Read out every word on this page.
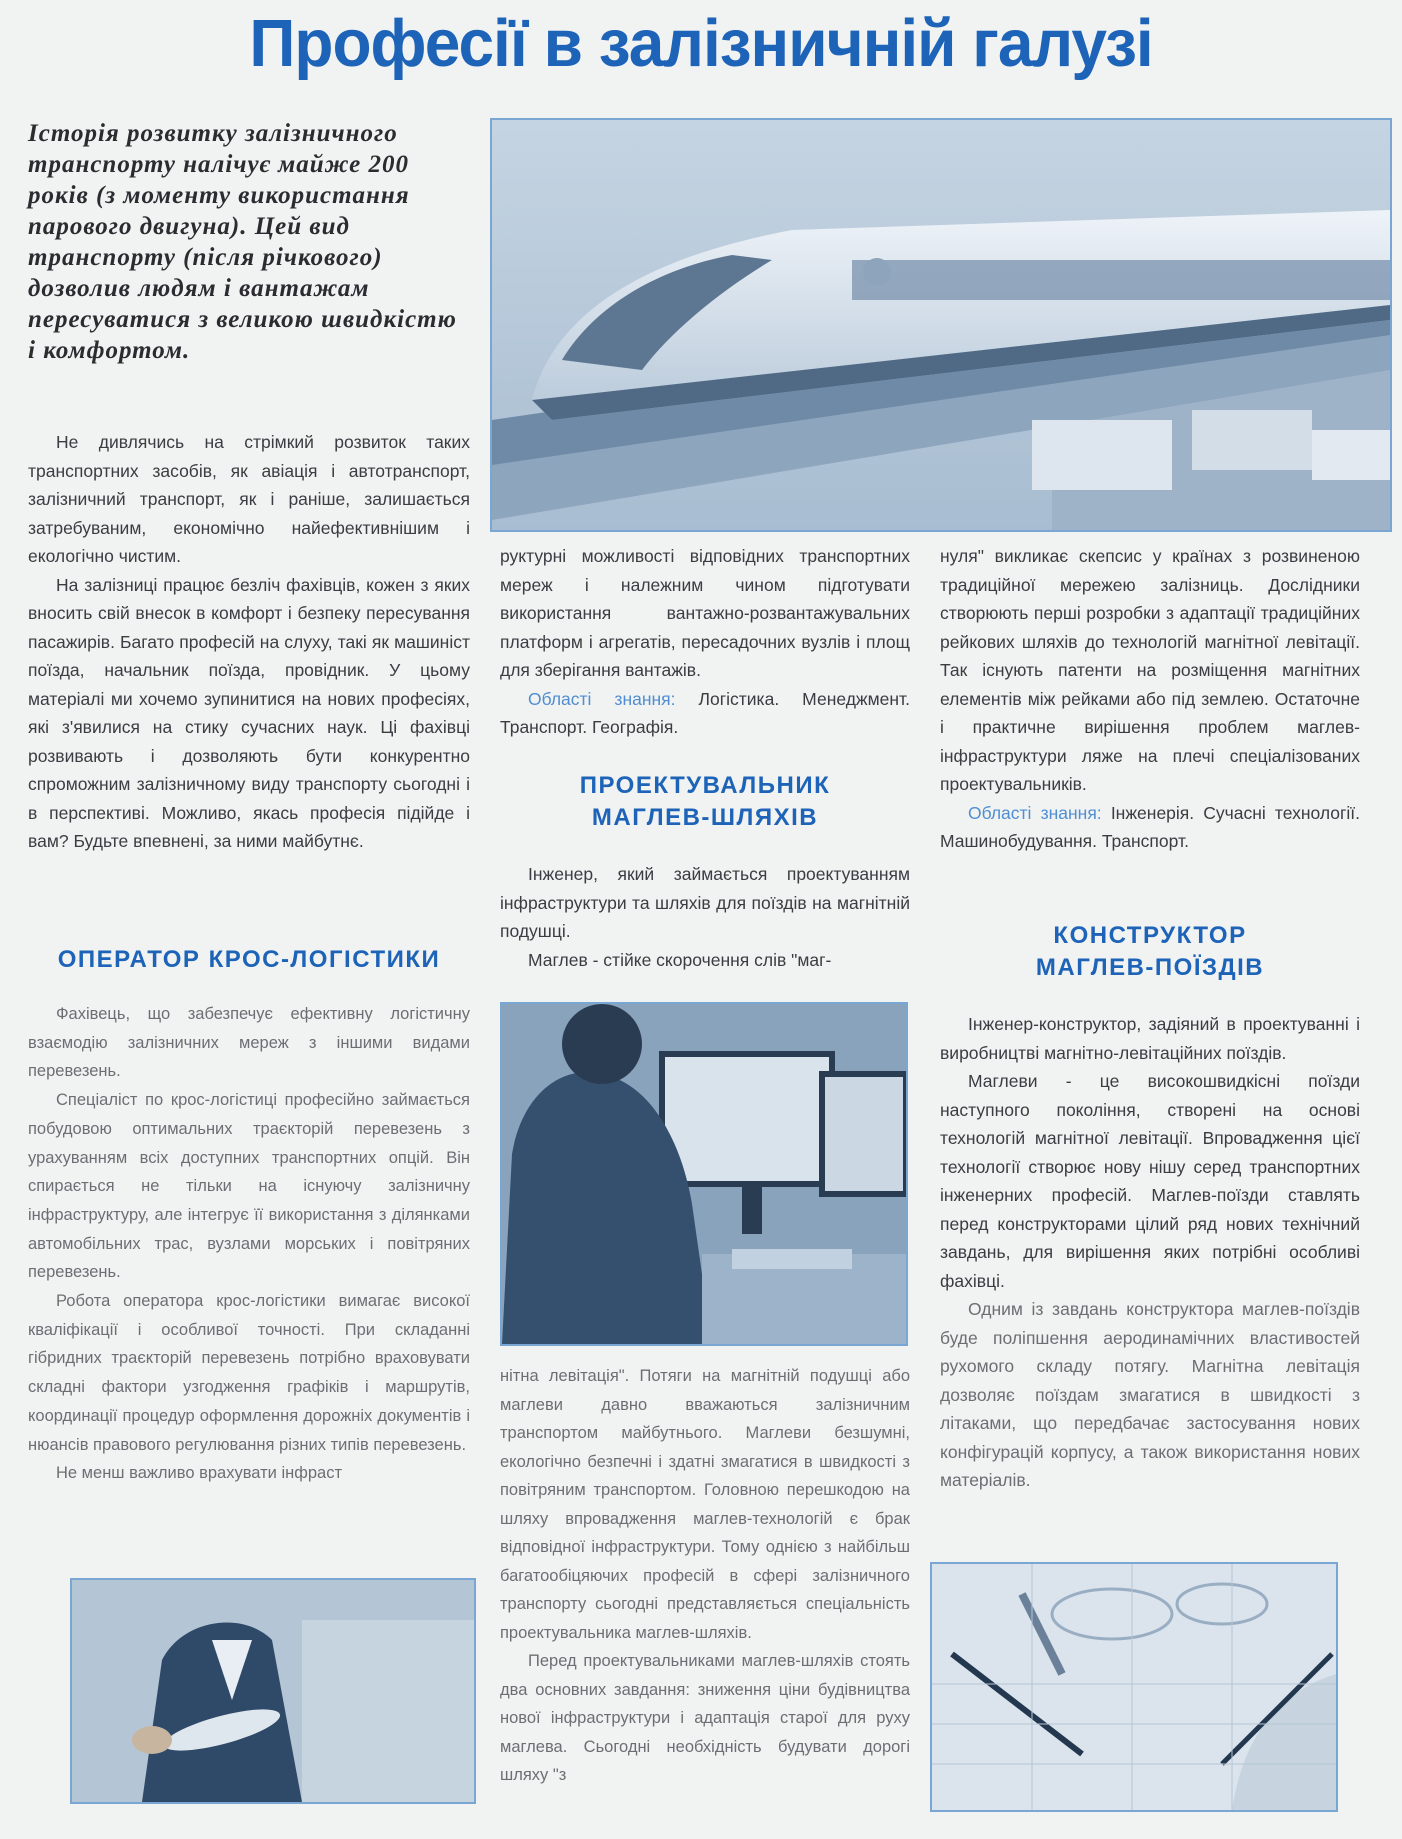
Професії в залізничній галузі
Історія розвитку залізничного транспорту налічує майже 200 років (з моменту використання парового двигуна). Цей вид транспорту (після річкового) дозволив людям і вантажам пересуватися з великою швидкістю і комфортом.

Не дивлячись на стрімкий розвиток таких транспортних засобів, як авіація і автотранспорт, залізничний транспорт, як і раніше, залишається затребуваним, економічно найефективнішим і екологічно чистим.

На залізниці працює безліч фахівців, кожен з яких вносить свій внесок в комфорт і безпеку пересування пасажирів. Багато професій на слуху, такі як машиніст поїзда, начальник поїзда, провідник. У цьому матеріалі ми хочемо зупинитися на нових професіях, які з'явилися на стику сучасних наук. Ці фахівці розвивають і дозволяють бути конкурентно спроможним залізничному виду транспорту сьогодні і в перспективі. Можливо, якась професія підійде і вам? Будьте впевнені, за ними майбутнє.

ОПЕРАТОР КРОС-ЛОГІСТИКИ

Фахівець, що забезпечує ефективну логістичну взаємодію залізничних мереж з іншими видами перевезень.

Спеціаліст по крос-логістиці професійно займається побудовою оптимальних траєкторій перевезень з урахуванням всіх доступних транспортних опцій. Він спирається не тільки на існуючу залізничну інфраструктуру, але інтегрує її використання з ділянками автомобільних трас, вузлами морських і повітряних перевезень.

Робота оператора крос-логістики вимагає високої кваліфікації і особливої точності. При складанні гібридних траєкторій перевезень потрібно враховувати складні фактори узгодження графіків і маршрутів, координації процедур оформлення дорожніх документів і нюансів правового регулювання різних типів перевезень.

Не менш важливо врахувати інфраст

руктурні можливості відповідних транспортних мереж і належним чином підготувати використання вантажно-розвантажувальних платформ і агрегатів, пересадочних вузлів і площ для зберігання вантажів.

Області знання: Логістика. Менеджмент. Транспорт. Географія.

ПРОЕКТУВАЛЬНИК МАГЛЕВ-ШЛЯХІВ

Інженер, який займається проектуванням інфраструктури та шляхів для поїздів на магнітній подушці.

Маглев - стійке скорочення слів "маг-

нітна левітація". Потяги на магнітній подушці або маглеви давно вважаються залізничним транспортом майбутнього. Маглеви безшумні, екологічно безпечні і здатні змагатися в швидкості з повітряним транспортом. Головною перешкодою на шляху впровадження маглев-технологій є брак відповідної інфраструктури. Тому однією з найбільш багатообіцяючих професій в сфері залізничного транспорту сьогодні представляється спеціальність проектувальника маглев-шляхів.

Перед проектувальниками маглев-шляхів стоять два основних завдання: зниження ціни будівництва нової інфраструктури і адаптація старої для руху маглева. Сьогодні необхідність будувати дорогі шляху "з

нуля" викликає скепсис у країнах з розвиненою традиційної мережею залізниць. Дослідники створюють перші розробки з адаптації традиційних рейкових шляхів до технологій магнітної левітації. Так існують патенти на розміщення магнітних елементів між рейками або під землею. Остаточне і практичне вирішення проблем маглев-інфраструктури ляже на плечі спеціалізованих проектувальників.

Області знання: Інженерія. Сучасні технології. Машинобудування. Транспорт.

КОНСТРУКТОР МАГЛЕВ-ПОЇЗДІВ

Інженер-конструктор, задіяний в проектуванні і виробництві магнітно-левітаційних поїздів.

Маглеви - це високошвидкісні поїзди наступного покоління, створені на основі технологій магнітної левітації. Впровадження цієї технології створює нову нішу серед транспортних інженерних професій. Маглев-поїзди ставлять перед конструкторами цілий ряд нових технічний завдань, для вирішення яких потрібні особливі фахівці.

Одним із завдань конструктора маглев-поїздів буде поліпшення аеродинамічних властивостей рухомого складу потягу. Магнітна левітація дозволяє поїздам змагатися в швидкості з літаками, що передбачає застосування нових конфігурацій корпусу, а також використання нових матеріалів.
